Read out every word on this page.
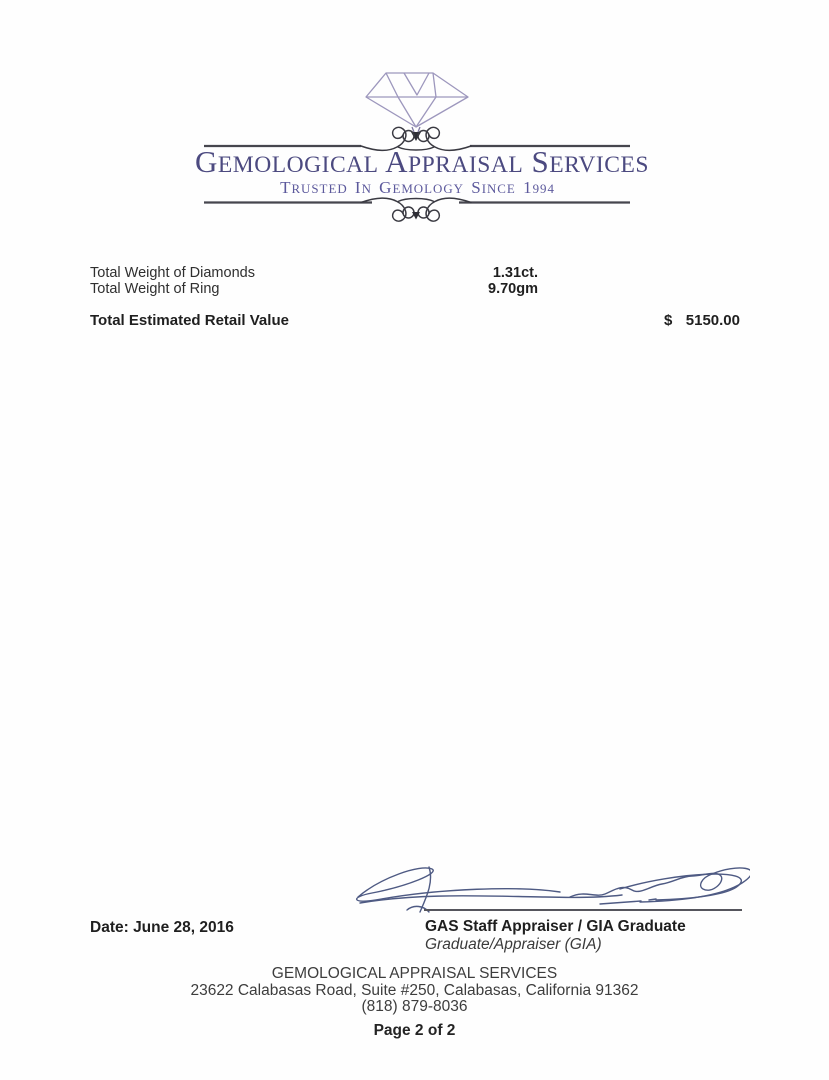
GEMOLOGICAL APPRAISAL SERVICES
TRUSTED IN GEMOLOGY SINCE 1994
Total Weight of Diamonds	1.31ct.
Total Weight of Ring	9.70gm
Total Estimated Retail Value	$ 5150.00
Date: June 28, 2016	GAS Staff Appraiser / GIA Graduate
Graduate/Appraiser (GIA)
GEMOLOGICAL APPRAISAL SERVICES
23622 Calabasas Road, Suite #250, Calabasas, California 91362
(818) 879-8036
Page 2 of 2
